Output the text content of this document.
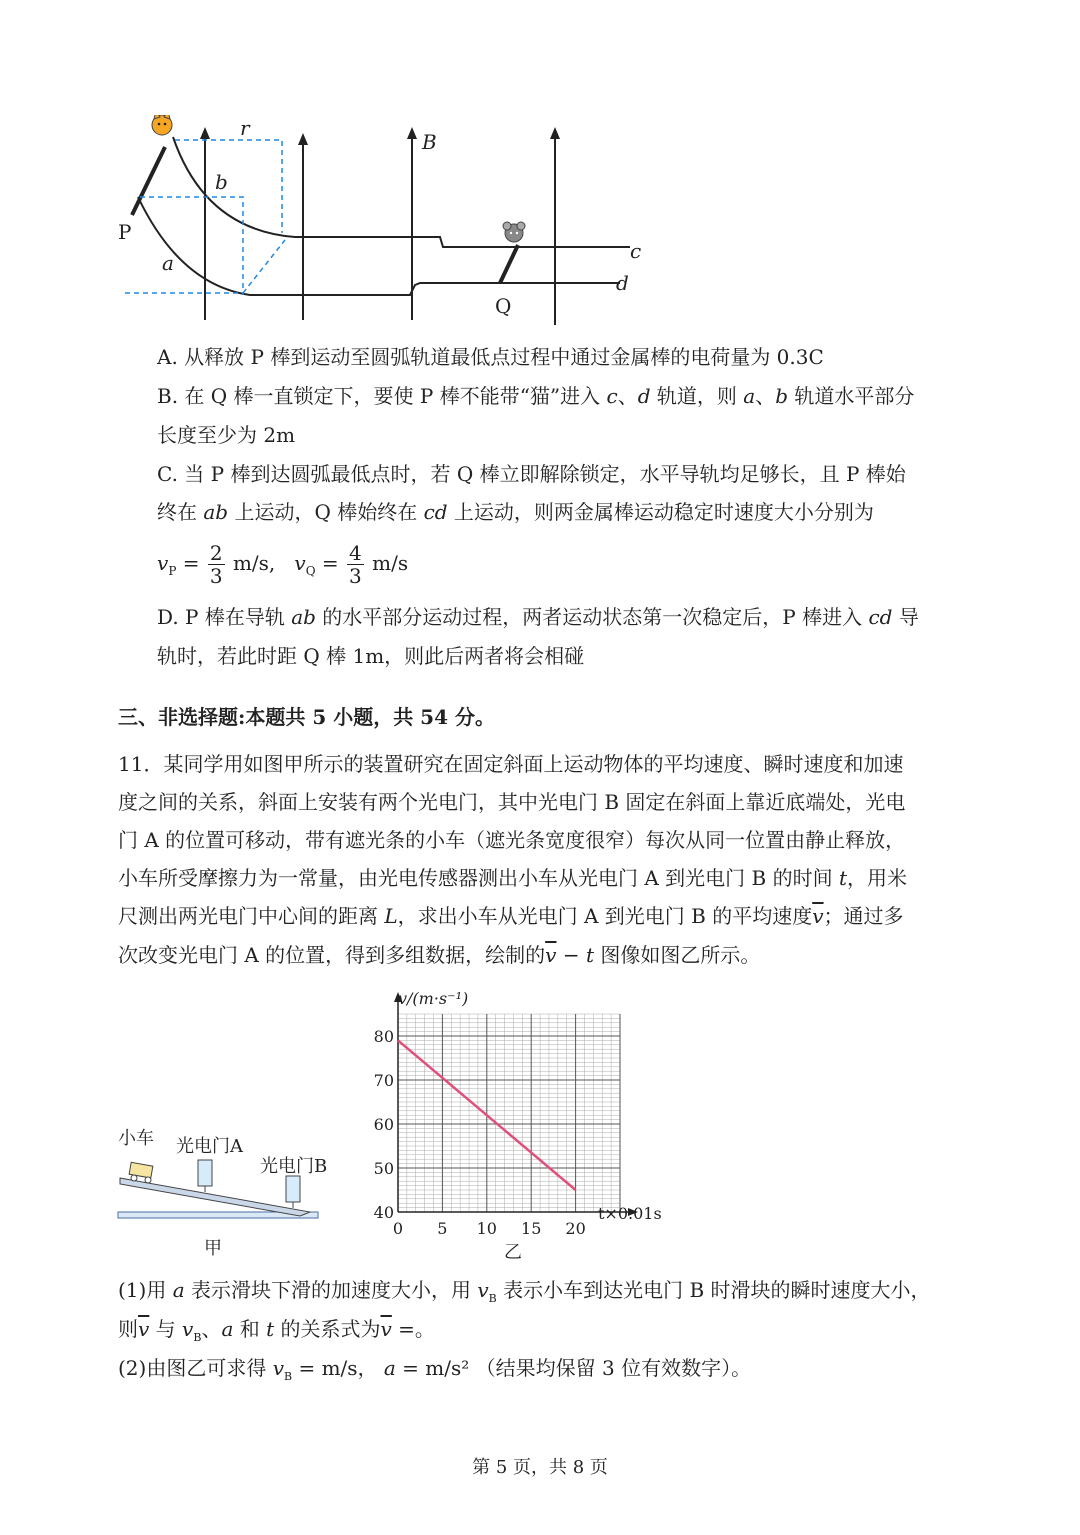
r
B
b
a	c
d
P
Q
A. 从释放 P 棒到运动至圆弧轨道最低点过程中通过金属棒的电荷量为 0.3C
B. 在 Q 棒一直锁定下，要使 P 棒不能带“猫”进入 c、d 轨道，则 a、b 轨道水平部分
长度至少为 2m
C. 当 P 棒到达圆弧最低点时，若 Q 棒立即解除锁定，水平导轨均足够长，且 P 棒始
终在 ab 上运动，Q 棒始终在 cd 上运动，则两金属棒运动稳定时速度大小分别为
$v_P = \frac{2}{3} m/s$, $v_Q = \frac{4}{3} m/s$
D. P 棒在导轨 ab 的水平部分运动过程，两者运动状态第一次稳定后，P 棒进入 cd 导
轨时，若此时距 Q 棒 1m，则此后两者将会相碰
三、非选择题:本题共 5 小题，共 54 分。
11．某同学用如图甲所示的装置研究在固定斜面上运动物体的平均速度、瞬时速度和加速
度之间的关系，斜面上安装有两个光电门，其中光电门 B 固定在斜面上靠近底端处，光电
门 A 的位置可移动，带有遮光条的小车（遮光条宽度很窄）每次从同一位置由静止释放，
小车所受摩擦力为一常量，由光电传感器测出小车从光电门 A 到光电门 B 的时间 t，用米
尺测出两光电门中心间的距离 L，求出小车从光电门 A 到光电门 B 的平均速度$\overline{v}$；通过多
次改变光电门 A 的位置，得到多组数据，绘制的$\overline{v} - t$ 图像如图乙所示。
小车 光电门A
光电门B
甲
0 5 10 15 20
40
50
60
70
80
v/(m·s⁻¹)
t×0.01s
乙
(1)用 a 表示滑块下滑的加速度大小，用 $v_B$ 表示小车到达光电门 B 时滑块的瞬时速度大小，
则$\overline{v}$ 与 $v_B$、a 和 t 的关系式为$\overline{v}$ =。
(2)由图乙可求得 $v_B = m/s$， a = m/s² （结果均保留 3 位有效数字）。
第 5 页，共 8 页
